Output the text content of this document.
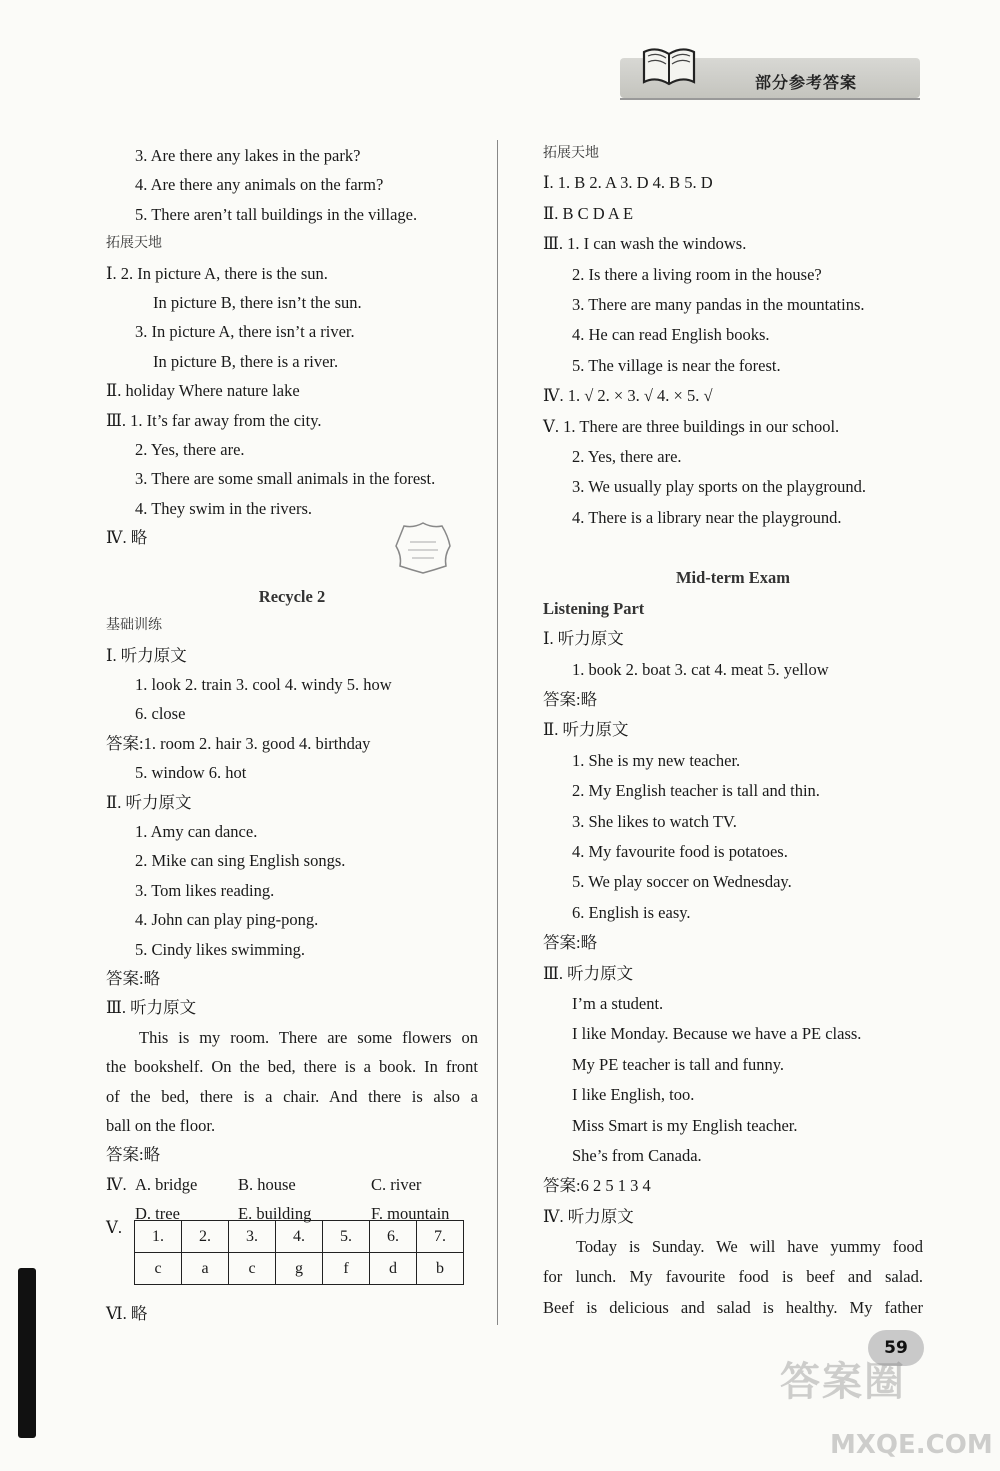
部分参考答案
3. Are there any lakes in the park?
4. Are there any animals on the farm?
5. There aren’t tall buildings in the village.
拓展天地
Ⅰ. 2. In picture A, there is the sun.
In picture B, there isn’t the sun.
3. In picture A, there isn’t a river.
In picture B, there is a river.
Ⅱ. holiday Where nature lake
Ⅲ. 1. It’s far away from the city.
2. Yes, there are.
3. There are some small animals in the forest.
4. They swim in the rivers.
Ⅳ. 略
Recycle 2
基础训练
Ⅰ. 听力原文
1. look 2. train 3. cool 4. windy 5. how
6. close
答案:1. room 2. hair 3. good 4. birthday
5. window 6. hot
Ⅱ. 听力原文
1. Amy can dance.
2. Mike can sing English songs.
3. Tom likes reading.
4. John can play ping-pong.
5. Cindy likes swimming.
答案:略
Ⅲ. 听力原文
This is my room. There are some flowers on
the bookshelf. On the bed, there is a book. In front
of the bed, there is a chair. And there is also a
ball on the floor.
答案:略
Ⅳ. A. bridge	B. house	C. river
D. tree	E. building	F. mountain
Ⅴ. 1.	2.	3.	4.	5.	6.	7.
c	a	c	g	f	d	b
Ⅵ. 略
拓展天地
Ⅰ. 1. B 2. A 3. D 4. B 5. D
Ⅱ. B C D A E
Ⅲ. 1. I can wash the windows.
2. Is there a living room in the house?
3. There are many pandas in the mountatins.
4. He can read English books.
5. The village is near the forest.
Ⅳ. 1. √ 2. × 3. √ 4. × 5. √
Ⅴ. 1. There are three buildings in our school.
2. Yes, there are.
3. We usually play sports on the playground.
4. There is a library near the playground.
Mid-term Exam
Listening Part
Ⅰ. 听力原文
1. book 2. boat 3. cat 4. meat 5. yellow
答案:略
Ⅱ. 听力原文
1. She is my new teacher.
2. My English teacher is tall and thin.
3. She likes to watch TV.
4. My favourite food is potatoes.
5. We play soccer on Wednesday.
6. English is easy.
答案:略
Ⅲ. 听力原文
I’m a student.
I like Monday. Because we have a PE class.
My PE teacher is tall and funny.
I like English, too.
Miss Smart is my English teacher.
She’s from Canada.
答案:6 2 5 1 3 4
Ⅳ. 听力原文
Today is Sunday. We will have yummy food
for lunch. My favourite food is beef and salad.
Beef is delicious and salad is healthy. My father
59
答案圈
MXQE.COM
